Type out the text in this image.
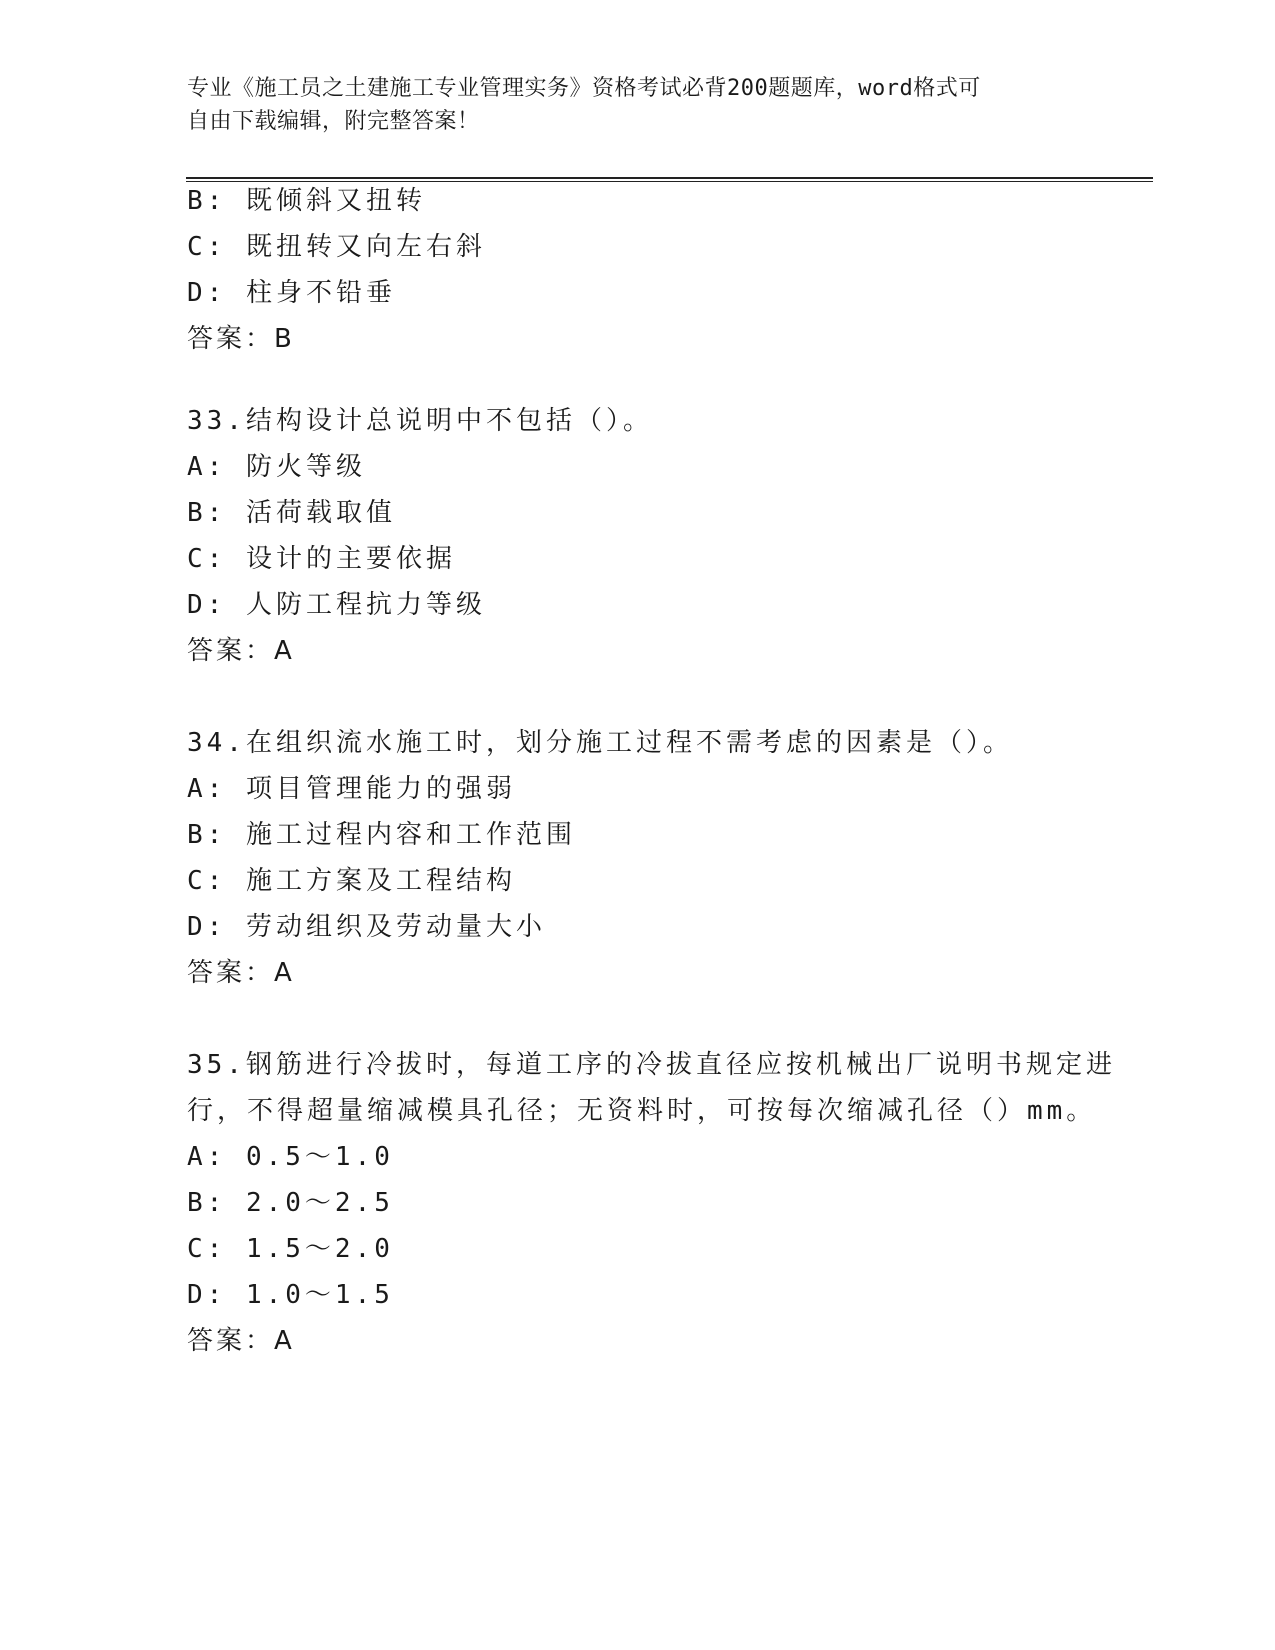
专业《施工员之土建施工专业管理实务》资格考试必背200题题库，word格式可
自由下载编辑，附完整答案！
B: 既倾斜又扭转
C: 既扭转又向左右斜
D: 柱身不铅垂
答案：B
33.结构设计总说明中不包括（）。
A: 防火等级
B: 活荷载取值
C: 设计的主要依据
D: 人防工程抗力等级
答案：A
34.在组织流水施工时，划分施工过程不需考虑的因素是（）。
A: 项目管理能力的强弱
B: 施工过程内容和工作范围
C: 施工方案及工程结构
D: 劳动组织及劳动量大小
答案：A
35.钢筋进行冷拔时，每道工序的冷拔直径应按机械出厂说明书规定进
行，不得超量缩减模具孔径；无资料时，可按每次缩减孔径（）mm。
A: 0.5～1.0
B: 2.0～2.5
C: 1.5～2.0
D: 1.0～1.5
答案：A
